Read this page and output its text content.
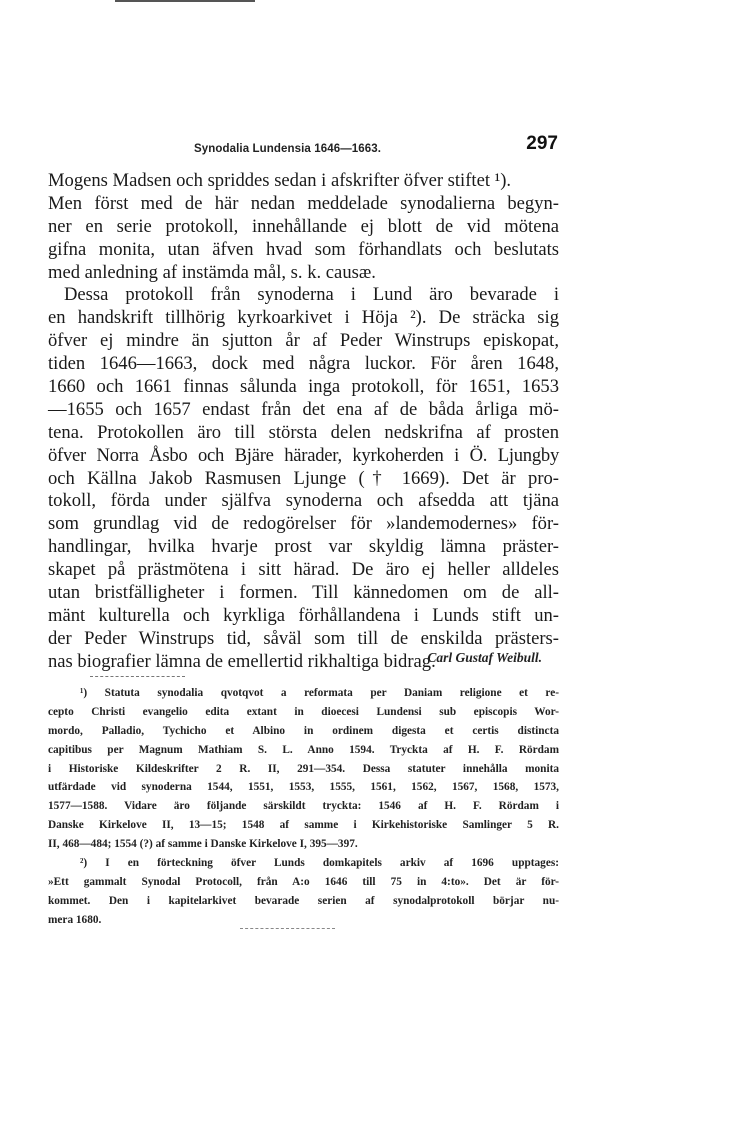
Synodalia Lundensia 1646—1663.	297
Mogens Madsen och spriddes sedan i afskrifter öfver stiftet ¹).
Men först med de här nedan meddelade synodalierna begyn-
ner en serie protokoll, innehållande ej blott de vid mötena
gifna monita, utan äfven hvad som förhandlats och beslutats
med anledning af instämda mål, s. k. causæ.
Dessa protokoll från synoderna i Lund äro bevarade i
en handskrift tillhörig kyrkoarkivet i Höja ²). De sträcka sig
öfver ej mindre än sjutton år af Peder Winstrups episkopat,
tiden 1646—1663, dock med några luckor. För åren 1648,
1660 och 1661 finnas sålunda inga protokoll, för 1651, 1653
—1655 och 1657 endast från det ena af de båda årliga mö-
tena. Protokollen äro till största delen nedskrifna af prosten
öfver Norra Åsbo och Bjäre härader, kyrkoherden i Ö. Ljungby
och Källna Jakob Rasmusen Ljunge († 1669). Det är pro-
tokoll, förda under själfva synoderna och afsedda att tjäna
som grundlag vid de redogörelser för »landemodernes» för-
handlingar, hvilka hvarje prost var skyldig lämna präster-
skapet på prästmötena i sitt härad. De äro ej heller alldeles
utan bristfälligheter i formen. Till kännedomen om de all-
mänt kulturella och kyrkliga förhållandena i Lunds stift un-
der Peder Winstrups tid, såväl som till de enskilda prästers-
nas biografier lämna de emellertid rikhaltiga bidrag.
Carl Gustaf Weibull.
¹) Statuta synodalia qvotqvot a reformata per Daniam religione et re-
cepto Christi evangelio edita extant in dioecesi Lundensi sub episcopis Wor-
mordo, Palladio, Tychicho et Albino in ordinem digesta et certis distincta
capitibus per Magnum Mathiam S. L. Anno 1594. Tryckta af H. F. Rördam
i Historiske Kildeskrifter 2 R. II, 291—354. Dessa statuter innehålla monita
utfärdade vid synoderna 1544, 1551, 1553, 1555, 1561, 1562, 1567, 1568, 1573,
1577—1588. Vidare äro följande särskildt tryckta: 1546 af H. F. Rördam i
Danske Kirkelove II, 13—15; 1548 af samme i Kirkehistoriske Samlinger 5 R.
II, 468—484; 1554 (?) af samme i Danske Kirkelove I, 395—397.
²) I en förteckning öfver Lunds domkapitels arkiv af 1696 upptages:
»Ett gammalt Synodal Protocoll, från A:o 1646 till 75 in 4:to». Det är för-
kommet. Den i kapitelarkivet bevarade serien af synodalprotokoll börjar nu-
mera 1680.
